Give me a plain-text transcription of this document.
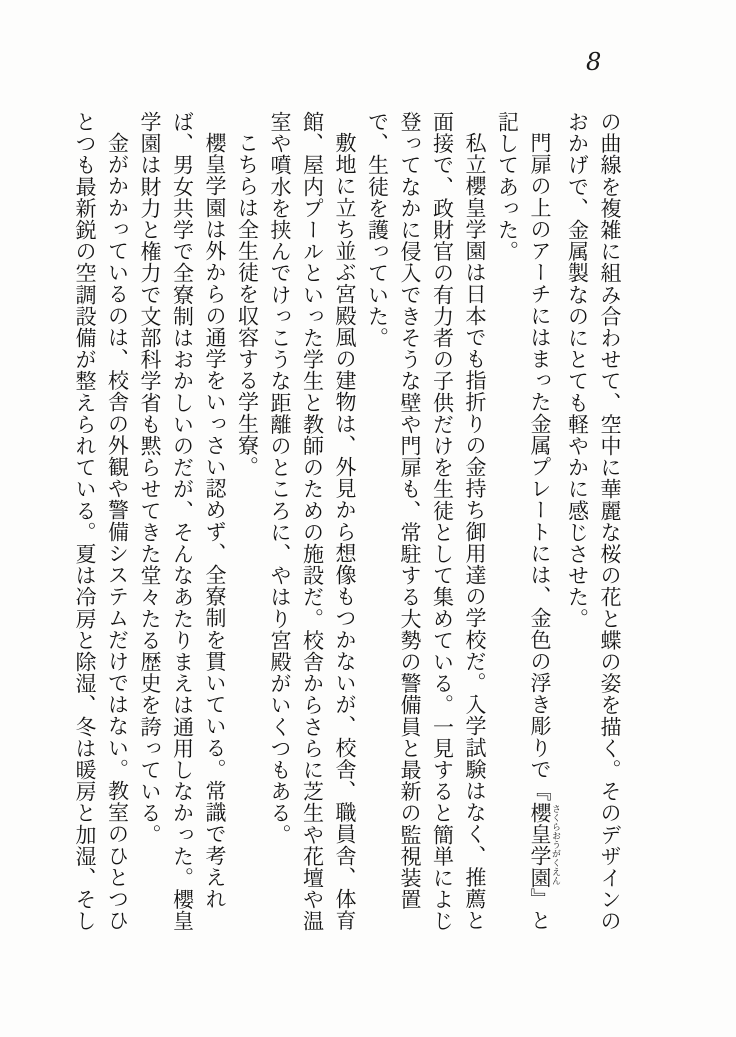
8

の曲線を複雑に組み合わせて、空中に華麗な桜の花と蝶の姿を描く。そのデザインのおかげで、金属製なのにとても軽やかに感じさせた。

門扉の上のアーチにはまった金属プレートには、金色の浮き彫りで『櫻皇学園 さくらおうがくえん』と記してあった。

私立櫻皇学園は日本でも指折りの金持ち御用達の学校だ。入学試験はなく、推薦と面接で、政財官の有力者の子供だけを生徒として集めている。一見すると簡単によじ登ってなかに侵入できそうな壁や門扉も、常駐する大勢の警備員と最新の監視装置で、生徒を護っていた。

敷地に立ち並ぶ宮殿風の建物は、外見から想像もつかないが、校舎、職員舎、体育館、屋内プールといった学生と教師のための施設だ。校舎からさらに芝生や花壇や温室や噴水を挟んでけっこうな距離のところに、やはり宮殿がいくつもある。

こちらは全生徒を収容する学生寮。

櫻皇学園は外からの通学をいっさい認めず、全寮制を貫いている。常識で考えれば、男女共学で全寮制はおかしいのだが、そんなあたりまえは通用しなかった。櫻皇学園は財力と権力で文部科学省も黙らせてきた堂々たる歴史を誇っている。

金がかかっているのは、校舎の外観や警備システムだけではない。教室のひとつひとつも最新鋭の空調設備が整えられている。夏は冷房と除湿、冬は暖房と加湿、そし
